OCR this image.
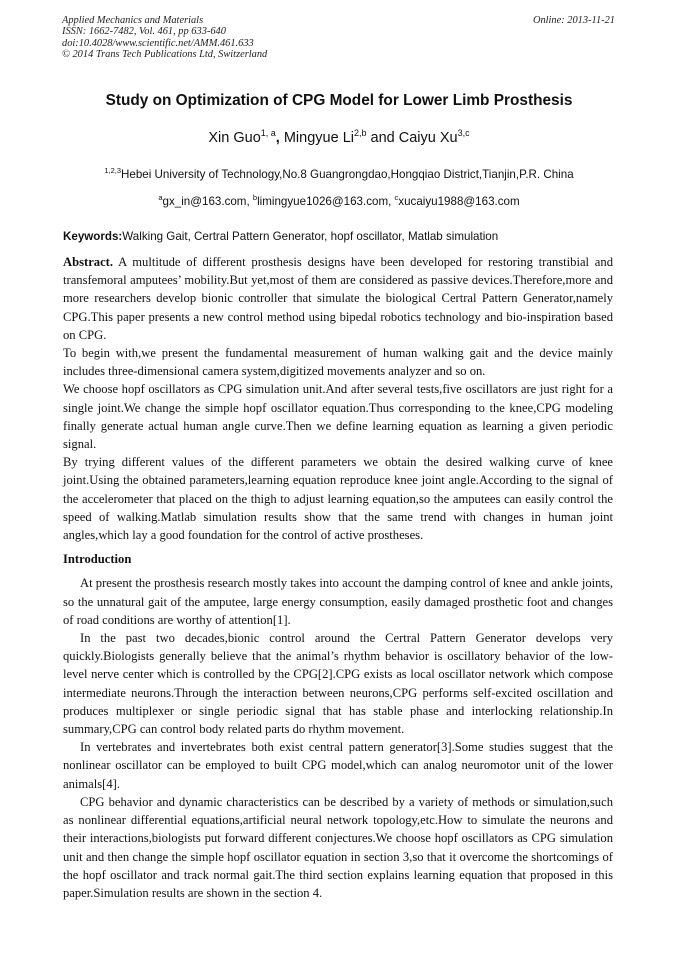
Applied Mechanics and Materials
ISSN: 1662-7482, Vol. 461, pp 633-640
doi:10.4028/www.scientific.net/AMM.461.633
© 2014 Trans Tech Publications Ltd, Switzerland
Online: 2013-11-21
Study on Optimization of CPG Model for Lower Limb Prosthesis
Xin Guo$^{1, a}$, Mingyue Li$^{2,b}$ and Caiyu Xu$^{3,c}$
$^{1,2,3}$Hebei University of Technology,No.8 Guangrongdao,Hongqiao District,Tianjin,P.R. China
$^a$gx_in@163.com, $^b$limingyue1026@163.com, $^c$xucaiyu1988@163.com
Keywords:Walking Gait, Certral Pattern Generator, hopf oscillator, Matlab simulation

Abstract. A multitude of different prosthesis designs have been developed for restoring transtibial and transfemoral amputees’ mobility.But yet,most of them are considered as passive devices.Therefore,more and more researchers develop bionic controller that simulate the biological Certral Pattern Generator,namely CPG.This paper presents a new control method using bipedal robotics technology and bio-inspiration based on CPG.

To begin with,we present the fundamental measurement of human walking gait and the device mainly includes three-dimensional camera system,digitized movements analyzer and so on.

We choose hopf oscillators as CPG simulation unit.And after several tests,five oscillators are just right for a single joint.We change the simple hopf oscillator equation.Thus corresponding to the knee,CPG modeling finally generate actual human angle curve.Then we define learning equation as learning a given periodic signal.

By trying different values of the different parameters we obtain the desired walking curve of knee joint.Using the obtained parameters,learning equation reproduce knee joint angle.According to the signal of the accelerometer that placed on the thigh to adjust learning equation,so the amputees can easily control the speed of walking.Matlab simulation results show that the same trend with changes in human joint angles,which lay a good foundation for the control of active prostheses.

Introduction

At present the prosthesis research mostly takes into account the damping control of knee and ankle joints, so the unnatural gait of the amputee, large energy consumption, easily damaged prosthetic foot and changes of road conditions are worthy of attention[1].

In the past two decades,bionic control around the Certral Pattern Generator develops very quickly.Biologists generally believe that the animal’s rhythm behavior is oscillatory behavior of the low-level nerve center which is controlled by the CPG[2].CPG exists as local oscillator network which compose intermediate neurons.Through the interaction between neurons,CPG performs self-excited oscillation and produces multiplexer or single periodic signal that has stable phase and interlocking relationship.In summary,CPG can control body related parts do rhythm movement.

In vertebrates and invertebrates both exist central pattern generator[3].Some studies suggest that the nonlinear oscillator can be employed to built CPG model,which can analog neuromotor unit of the lower animals[4].

CPG behavior and dynamic characteristics can be described by a variety of methods or simulation,such as nonlinear differential equations,artificial neural network topology,etc.How to simulate the neurons and their interactions,biologists put forward different conjectures.We choose hopf oscillators as CPG simulation unit and then change the simple hopf oscillator equation in section 3,so that it overcome the shortcomings of the hopf oscillator and track normal gait.The third section explains learning equation that proposed in this paper.Simulation results are shown in the section 4.
